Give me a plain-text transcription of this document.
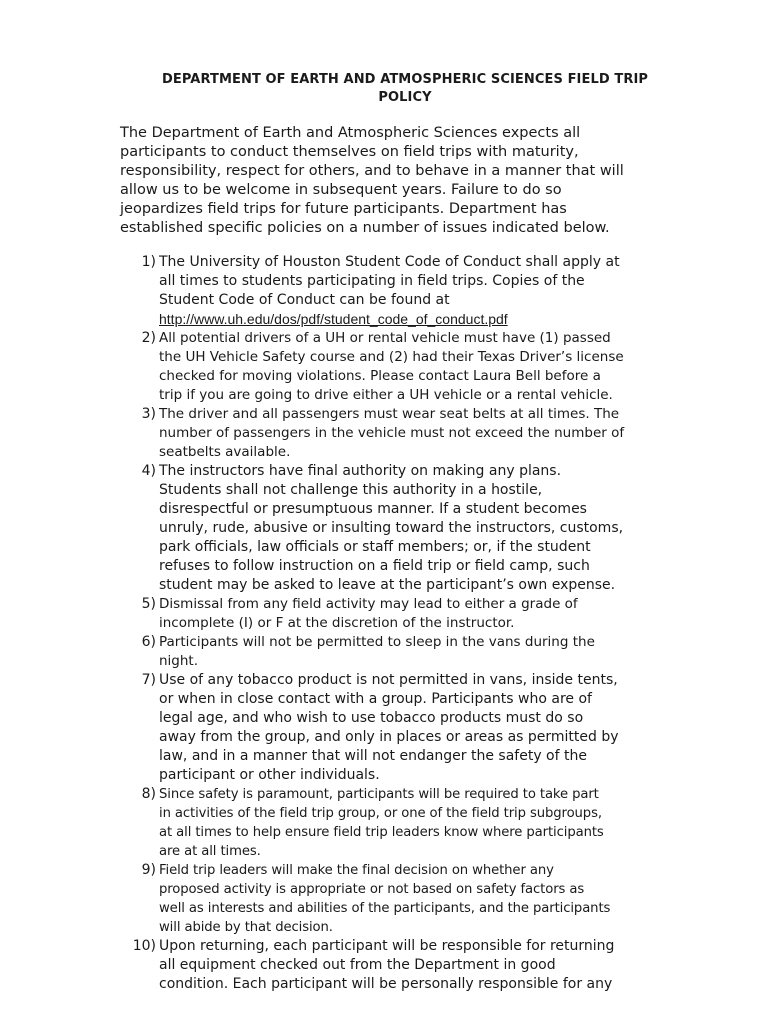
DEPARTMENT OF EARTH AND ATMOSPHERIC SCIENCES FIELD TRIP
POLICY
The Department of Earth and Atmospheric Sciences expects all
participants to conduct themselves on field trips with maturity,
responsibility, respect for others, and to behave in a manner that will
allow us to be welcome in subsequent years. Failure to do so
jeopardizes field trips for future participants. Department has
established specific policies on a number of issues indicated below.
1) The University of Houston Student Code of Conduct shall apply at
all times to students participating in field trips. Copies of the
Student Code of Conduct can be found at
http://www.uh.edu/dos/pdf/student_code_of_conduct.pdf
2) All potential drivers of a UH or rental vehicle must have (1) passed
the UH Vehicle Safety course and (2) had their Texas Driver’s license
checked for moving violations. Please contact Laura Bell before a
trip if you are going to drive either a UH vehicle or a rental vehicle.
3) The driver and all passengers must wear seat belts at all times. The
number of passengers in the vehicle must not exceed the number of
seatbelts available.
4) The instructors have final authority on making any plans.
Students shall not challenge this authority in a hostile,
disrespectful or presumptuous manner. If a student becomes
unruly, rude, abusive or insulting toward the instructors, customs,
park officials, law officials or staff members; or, if the student
refuses to follow instruction on a field trip or field camp, such
student may be asked to leave at the participant’s own expense.
5) Dismissal from any field activity may lead to either a grade of
incomplete (I) or F at the discretion of the instructor.
6) Participants will not be permitted to sleep in the vans during the
night.
7) Use of any tobacco product is not permitted in vans, inside tents,
or when in close contact with a group. Participants who are of
legal age, and who wish to use tobacco products must do so
away from the group, and only in places or areas as permitted by
law, and in a manner that will not endanger the safety of the
participant or other individuals.
8) Since safety is paramount, participants will be required to take part
in activities of the field trip group, or one of the field trip subgroups,
at all times to help ensure field trip leaders know where participants
are at all times.
9) Field trip leaders will make the final decision on whether any
proposed activity is appropriate or not based on safety factors as
well as interests and abilities of the participants, and the participants
will abide by that decision.
10) Upon returning, each participant will be responsible for returning
all equipment checked out from the Department in good
condition. Each participant will be personally responsible for any
